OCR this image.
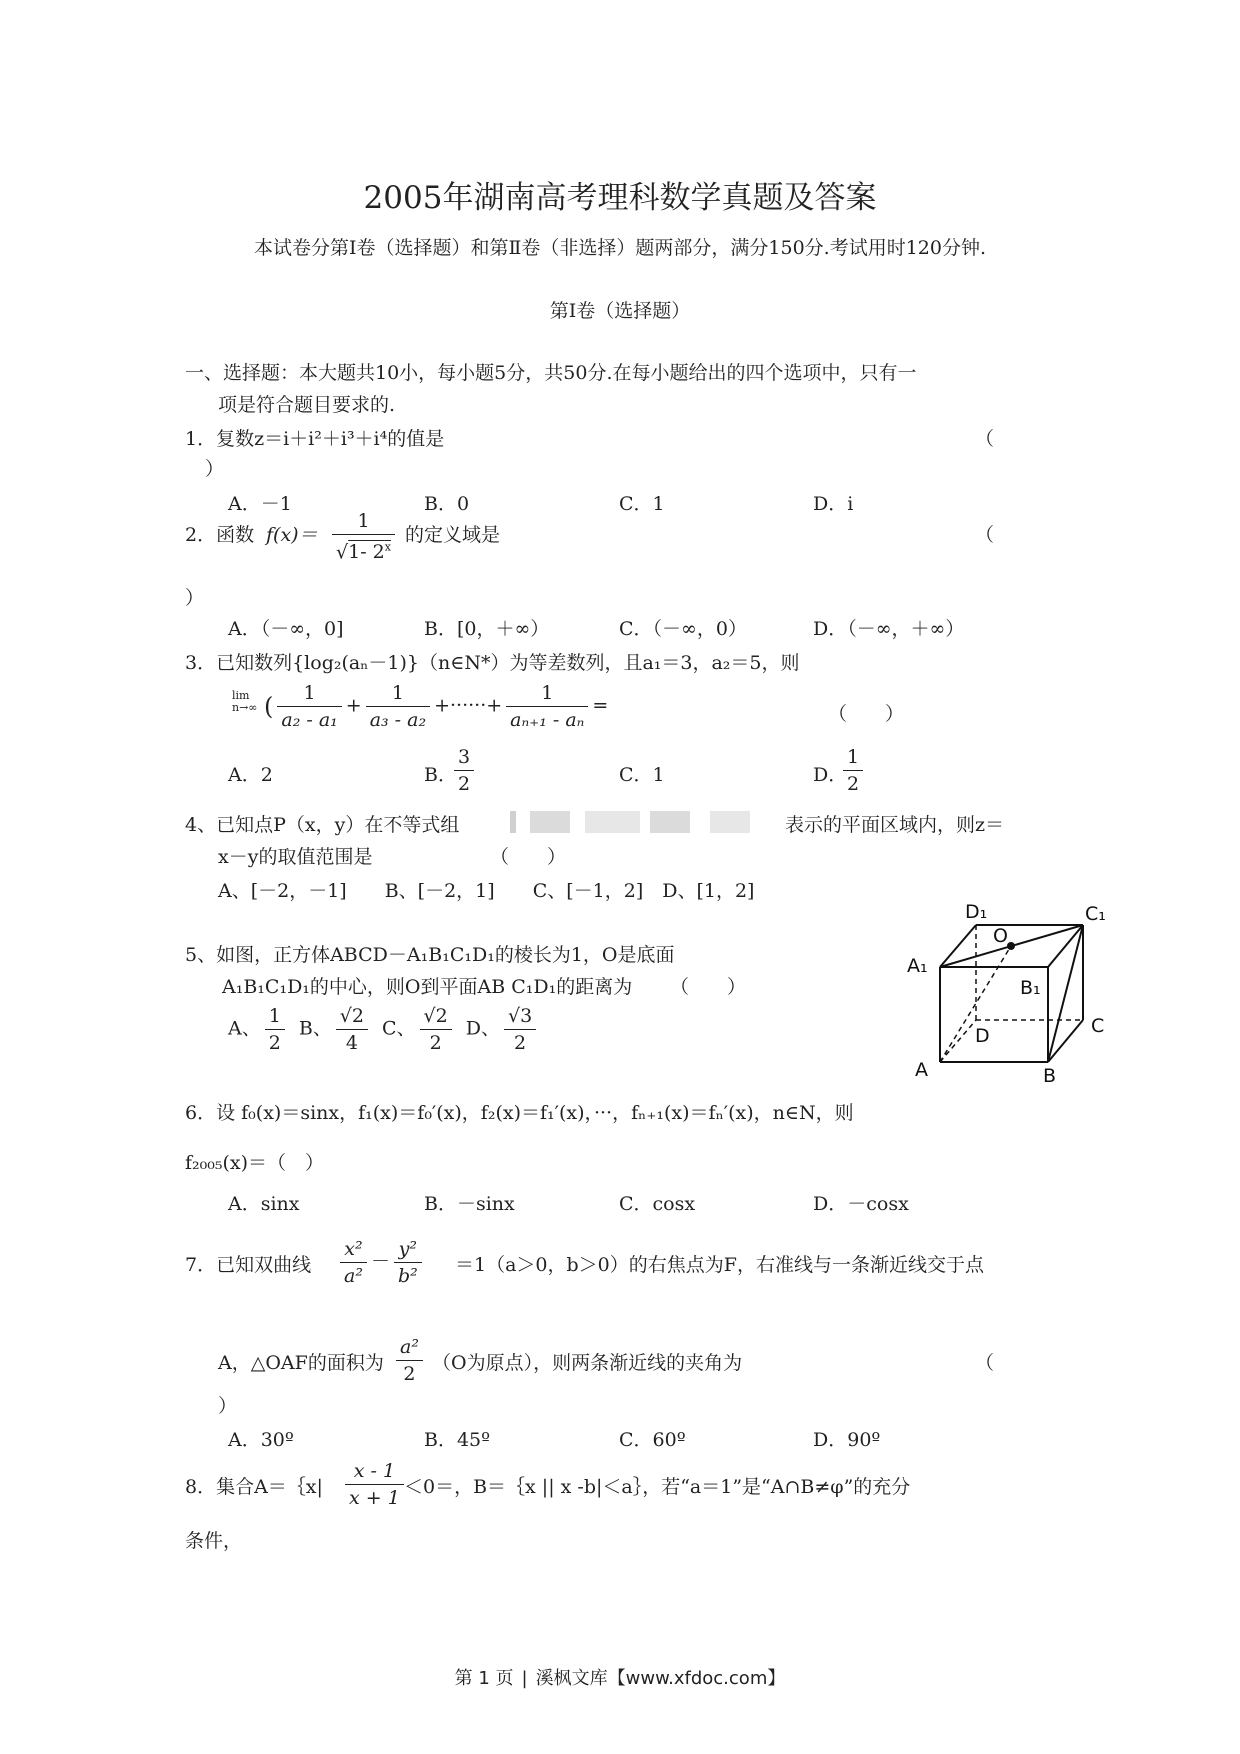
2005年湖南高考理科数学真题及答案
本试卷分第Ⅰ卷（选择题）和第Ⅱ卷（非选择）题两部分，满分150分.考试用时120分钟.
第Ⅰ卷（选择题）
一、选择题：本大题共10小，每小题5分，共50分.在每小题给出的四个选项中，只有一
项是符合题目要求的.
1．复数z＝i＋i²＋i³＋i⁴的值是	（
）
A．－1	B．0	C．1	D．i
2．函数 $f(x)= \frac{1}{√1- 2^x}$ 的定义域是	（
）
A．（－∞，0]	B．[0，＋∞）	C．（－∞，0）	D．（－∞，＋∞）
3．已知数列{log₂(aₙ－1)}（n∈N*）为等差数列，且a₁＝3，a₂＝5，则
lim
n→∞ ( $\frac{1}{\text{a₂ - a₁}} + \frac{1}{\text{a₃ - a₂}}$ +······+ $\frac{1}{\text{aₙ₊₁ - aₙ}}$ =	（　　）
A．2	B．
$\frac{3}{2}$	C．1	D．
$\frac{1}{2}$
4、已知点P（x，y）在不等式组	表示的平面区域内，则z＝
x－y的取值范围是	（　　）
A、[－2，－1]　　B、[－2，1]　　C、[－1，2]　D、[1，2]
5、如图，正方体ABCD－A₁B₁C₁D₁的棱长为1，O是底面
A₁B₁C₁D₁的中心，则O到平面AB C₁D₁的距离为 （　　）
A、 $\frac{1}{2}$ B、 $\frac{√2}{4}$ C、 $\frac{√2}{2}$ D、 $\frac{√3}{2}$
D₁
O
C₁
A₁
B₁
C
D
A	B
6．设 f₀(x)＝sinx，f₁(x)＝f₀′(x)，f₂(x)＝f₁′(x)，···，fₙ₊₁(x)＝fₙ′(x)，n∈N，则
f₂₀₀₅(x)＝（　）
A．sinx	B．－sinx	C．cosx	D．－cosx
7．已知双曲线 $\frac{\text{x²}}{\text{a²}} - \frac{\text{y²}}{\text{b²}} =1(a>0$，b＞0）的右焦点为F，右准线与一条渐近线交于点
A，△OAF的面积为 $\frac{\text{a²}}{2} (O$为原点），则两条渐近线的夹角为	（
）
A．30º	B．45º	C．60º	D．90º
8．集合A＝｛x| $\frac{x - 1}{x + 1} <0=$，B＝｛x || x -b|＜a｝，若“a＝1”是“A∩B≠φ”的充分
条件，
第 1 页 | 溪枫文库【www.xfdoc.com】
